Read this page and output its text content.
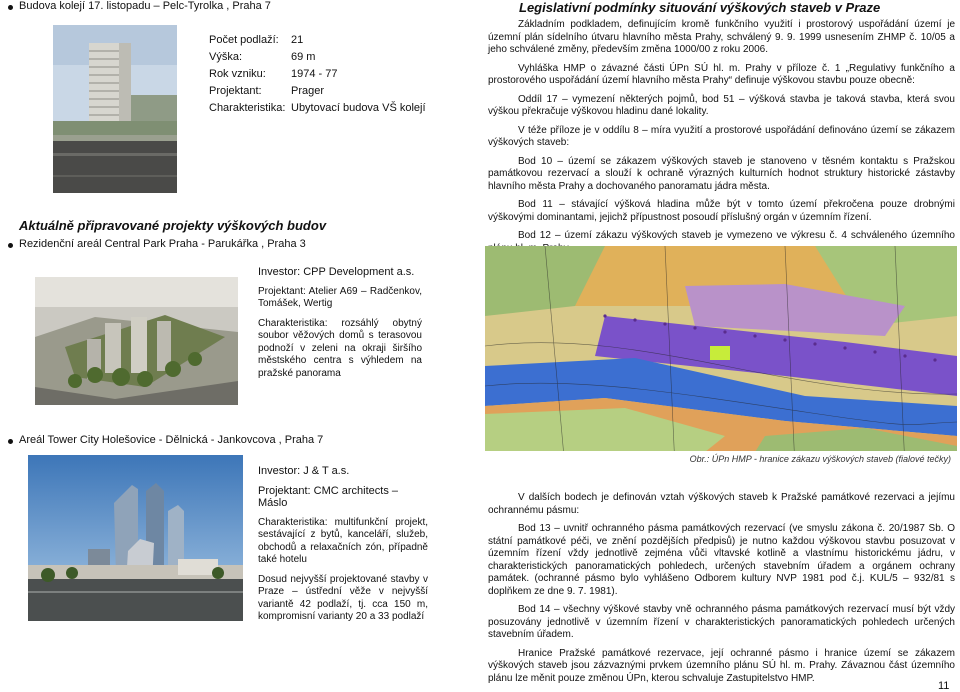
Budova kolejí 17. listopadu – Pelc-Tyrolka , Praha 7
Počet podlaží:	21
Výška:	69 m
Rok vzniku:	1974 - 77
Projektant:	Prager
Charakteristika: Ubytovací budova VŠ kolejí
Aktuálně připravované projekty výškových budov
Rezidenční areál Central Park Praha - Parukářka , Praha 3

Investor: CPP Development a.s.

Projektant: Atelier A69 – Radčenkov, Tomášek, Wertig

Charakteristika: rozsáhlý obytný soubor věžových domů s terasovou podnoží v zeleni na okraji širšího městského centra s výhledem na pražské panorama

Areál Tower City Holešovice - Dělnická - Jankovcova , Praha 7

Investor: J & T a.s.

Projektant: CMC architects – Máslo

Charakteristika: multifunkční projekt, sestávající z bytů, kanceláří, služeb, obchodů a relaxačních zón, případně také hotelu

Dosud nejvyšší projektované stavby v Praze – ústřední věže v nejvyšší variantě 42 podlaží, tj. cca 150 m, kompromisní varianty 20 a 33 podlaží

Legislativní podmínky situování výškových staveb v Praze

Základním podkladem, definujícím kromě funkčního využití i prostorový uspořádání území je územní plán sídelního útvaru hlavního města Prahy, schválený 9. 9. 1999 usnesením ZHMP č. 10/05 a jeho schválené změny, především změna 1000/00 z roku 2006.

Vyhláška HMP o závazné části ÚPn SÚ hl. m. Prahy v příloze č. 1 „Regulativy funkčního a prostorového uspořádání území hlavního města Prahy“ definuje výškovou stavbu pouze obecně:

Oddíl 17 – vymezení některých pojmů, bod 51 – výšková stavba je taková stavba, která svou výškou překračuje výškovou hladinu dané lokality.

V téže příloze je v oddílu 8 – míra využití a prostorové uspořádání definováno území se zákazem výškových staveb:

Bod 10 – území se zákazem výškových staveb je stanoveno v těsném kontaktu s Pražskou památkovou rezervací a slouží k ochraně výrazných kulturních hodnot struktury historické zástavby hlavního města Prahy a dochovaného panoramatu jádra města.

Bod 11 – stávající výšková hladina může být v tomto území překročena pouze drobnými výškovými dominantami, jejichž přípustnost posoudí příslušný orgán v územním řízení.

Bod 12 – území zákazu výškových staveb je vymezeno ve výkresu č. 4 schváleného územního

Obr.: ÚPn HMP - hranice zákazu výškových staveb (fialové tečky)

V dalších bodech je definován vztah výškových staveb k Pražské památkové rezervaci a jejímu ochrannému pásmu:

Bod 13 – uvnitř ochranného pásma památkových rezervací (ve smyslu zákona č. 20/1987 Sb. O státní památkové péči, ve znění pozdějších předpisů) je nutno každou výškovou stavbu posuzovat v územním řízení vždy jednotlivě zejména vůči vltavské kotlině a vlastnímu historickému jádru, v charakteristických panoramatických pohledech, určených stavebním úřadem a orgánem ochrany památek. (ochranné pásmo bylo vyhlášeno Odborem kultury NVP 1981 pod č.j. KUL/5 – 932/81 s doplňkem ze dne 9. 7. 1981).

Bod 14 – všechny výškové stavby vně ochranného pásma památkových rezervací musí být vždy posuzovány jednotlivě v územním řízení v charakteristických panoramatických pohledech určených stavebním úřadem.

Hranice Pražské památkové rezervace, její ochranné pásmo i hranice území se zákazem výškových staveb jsou zázvaznými prvkem územního plánu SÚ hl. m. Prahy. Závaznou část územního plánu lze měnit pouze změnou ÚPn, kterou schvaluje Zastupitelstvo HMP.

11
